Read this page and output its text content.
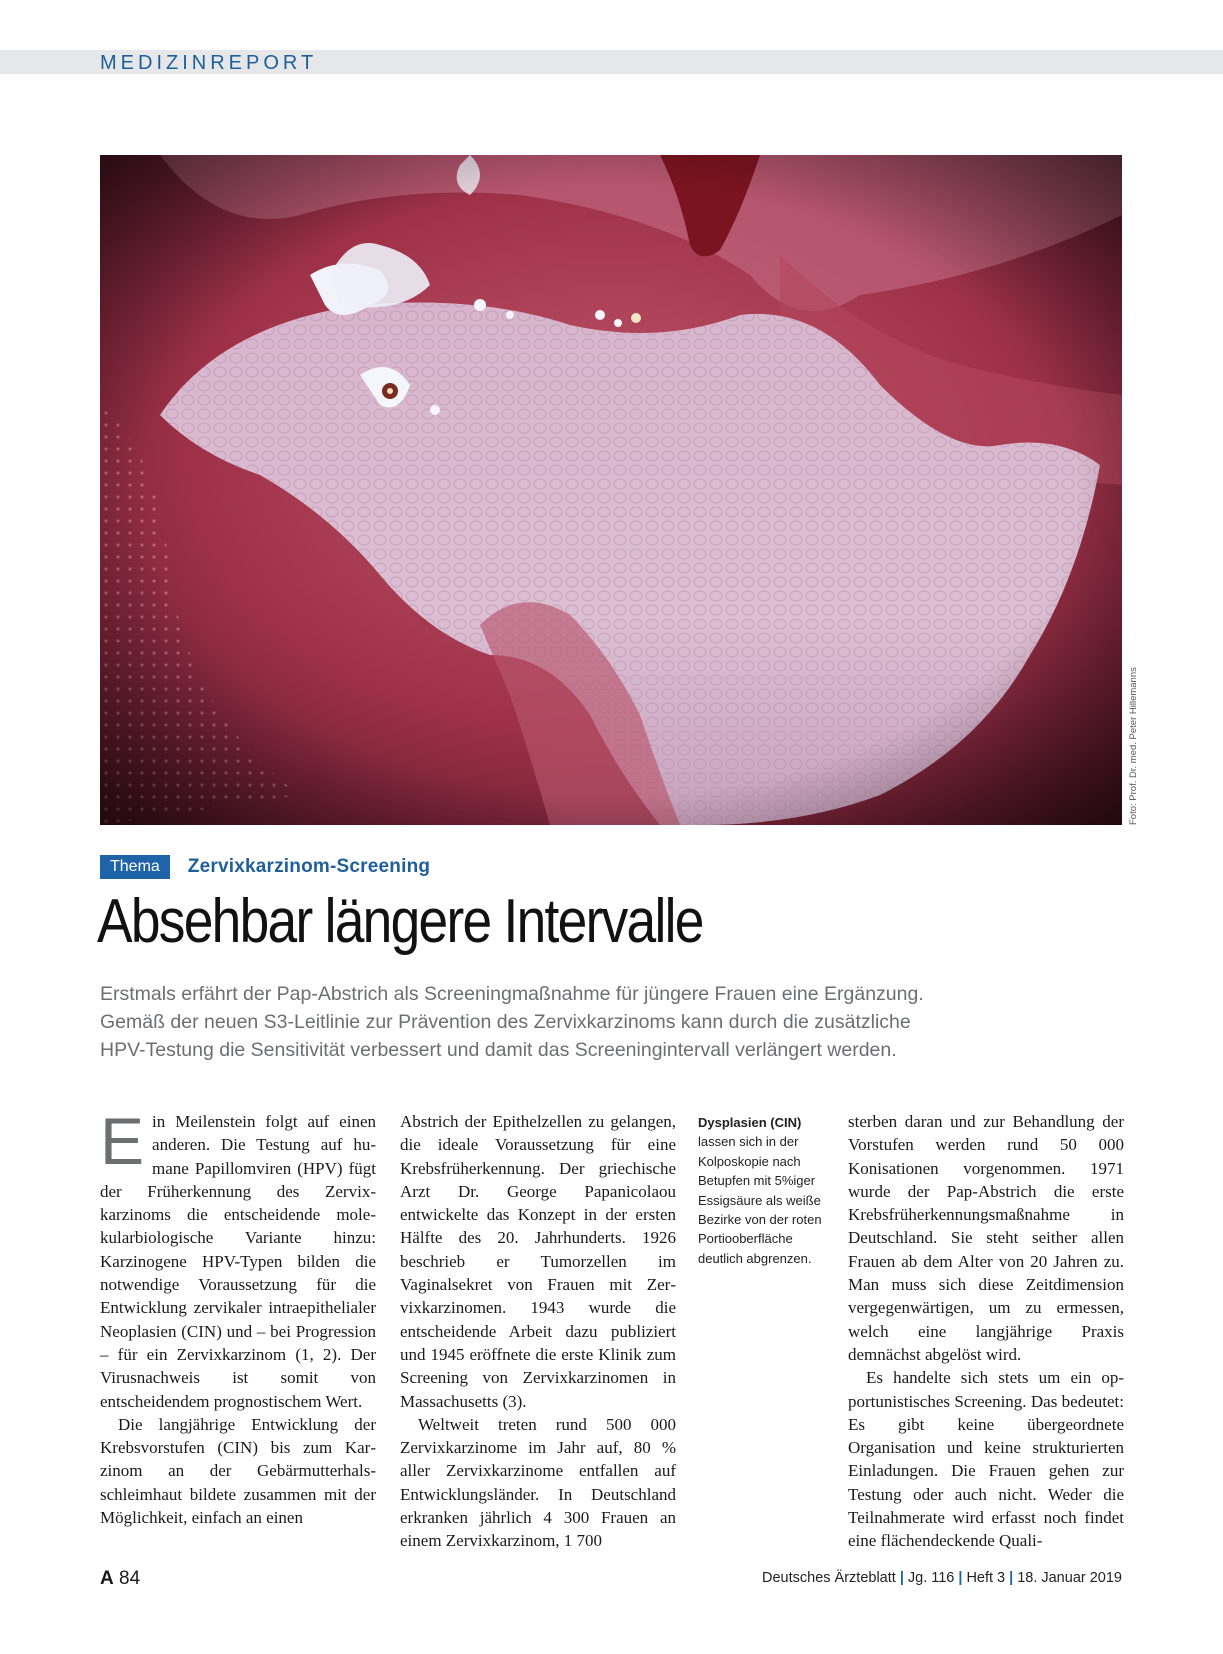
MEDIZINREPORT
Foto: Prof. Dr. med. Peter Hillemanns
Thema	Zervixkarzinom-Screening
Absehbar längere Intervalle

Erstmals erfährt der Pap-Abstrich als Screeningmaßnahme für jüngere Frauen eine Ergänzung. Gemäß der neuen S3-Leitlinie zur Prävention des Zervixkarzinoms kann durch die zusätzliche HPV-Testung die Sensitivität verbessert und damit das Screeningintervall verlängert werden.

E in Meilenstein folgt auf einen anderen. Die Testung auf humane Papillomviren (HPV) fügt der Früherkennung des Zervixkarzinoms die entscheidende molekularbiologische Variante hinzu: Karzinogene HPV-Typen bilden die notwendige Voraussetzung für die Entwicklung zervikaler intraepithelialer Neoplasien (CIN) und – bei Progression – für ein Zervixkarzinom (1, 2). Der Virusnachweis ist somit von entscheidendem prognostischem Wert.

Die langjährige Entwicklung der Krebsvorstufen (CIN) bis zum Karzinom an der Gebärmutterhalsschleimhaut bildete zusammen mit der Möglichkeit, einfach an einen

Abstrich der Epithelzellen zu gelangen, die ideale Voraussetzung für eine Krebsfrüherkennung. Der griechische Arzt Dr. George Papanicolaou entwickelte das Konzept in der ersten Hälfte des 20. Jahrhunderts. 1926 beschrieb er Tumorzellen im Vaginalsekret von Frauen mit Zervixkarzinomen. 1943 wurde die entscheidende Arbeit dazu publiziert und 1945 eröffnete die erste Klinik zum Screening von Zervixkarzinomen in Massachusetts (3).

Weltweit treten rund 500 000 Zervixkarzinome im Jahr auf, 80 % aller Zervixkarzinome entfallen auf Entwicklungsländer. In Deutschland erkranken jährlich 4 300 Frauen an einem Zervixkarzinom, 1 700

Dysplasien (CIN)
lassen sich in der Kolposkopie nach Betupfen mit 5%iger Essigsäure als weiße Bezirke von der roten Portiooberfläche deutlich abgrenzen.

sterben daran und zur Behandlung der Vorstufen werden rund 50 000 Konisationen vorgenommen. 1971 wurde der Pap-Abstrich die erste Krebsfrüherkennungsmaßnahme in Deutschland. Sie steht seither allen Frauen ab dem Alter von 20 Jahren zu. Man muss sich diese Zeitdimension vergegenwärtigen, um zu ermessen, welch eine langjährige Praxis demnächst abgelöst wird.

Es handelte sich stets um ein opportunistisches Screening. Das bedeutet: Es gibt keine übergeordnete Organisation und keine strukturierten Einladungen. Die Frauen gehen zur Testung oder auch nicht. Weder die Teilnahmerate wird erfasst noch findet eine flächendeckende Quali-

A 84	Deutsches Ärzteblatt | Jg. 116 | Heft 3 | 18. Januar 2019
